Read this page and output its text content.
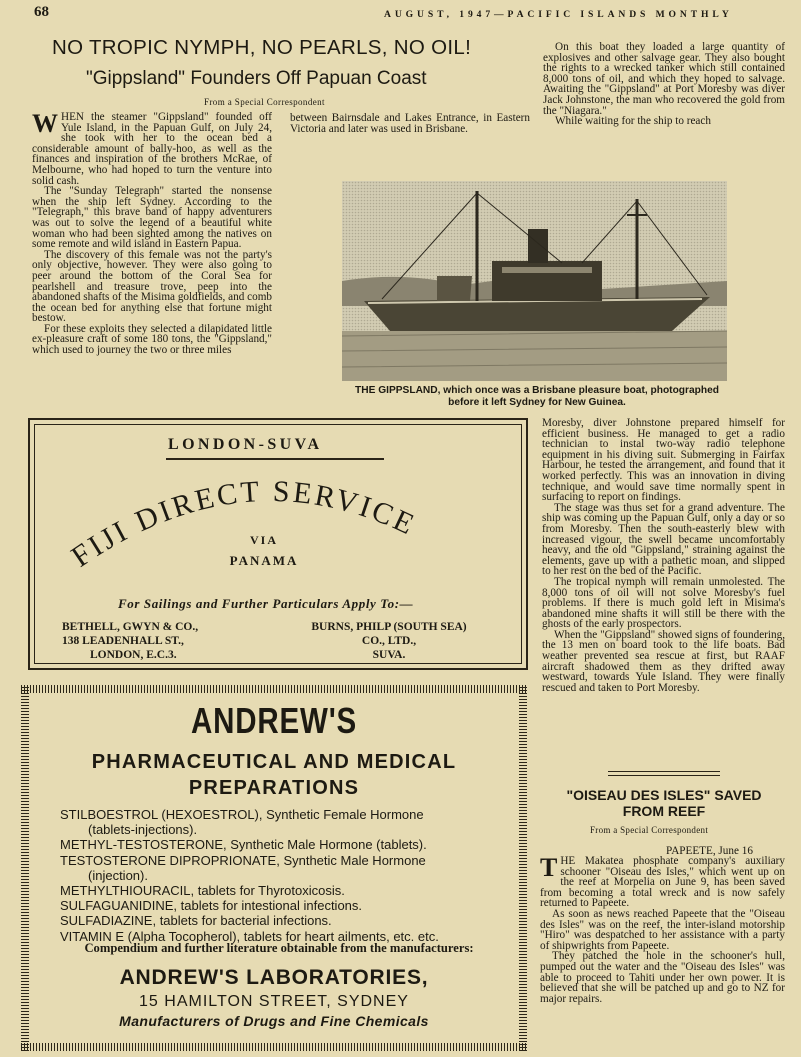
68	AUGUST, 1947—PACIFIC ISLANDS MONTHLY
NO TROPIC NYMPH, NO PEARLS, NO OIL!
"Gippsland" Founders Off Papuan Coast
From a Special Correspondent

WHEN the steamer "Gippsland" founded off Yule Island, in the Papuan Gulf, on July 24, she took with her to the ocean bed a considerable amount of bally-hoo, as well as the finances and inspiration of the brothers McRae, of Melbourne, who had hoped to turn the venture into solid cash.

The "Sunday Telegraph" started the nonsense when the ship left Sydney. According to the "Telegraph," this brave band of happy adventurers was out to solve the legend of a beautiful white woman who had been sighted among the natives on some remote and wild island in Eastern Papua.

The discovery of this female was not the party's only objective, however. They were also going to peer around the bottom of the Coral Sea for pearlshell and treasure trove, peep into the abandoned shafts of the Misima goldfields, and comb the ocean bed for anything else that fortune might bestow.

For these exploits they selected a dilapidated little ex-pleasure craft of some 180 tons, the "Gippsland," which used to journey the two or three miles

between Bairnsdale and Lakes Entrance, in Eastern Victoria and later was used in Brisbane.

On this boat they loaded a large quantity of explosives and other salvage gear. They also bought the rights to a wrecked tanker which still contained 8,000 tons of oil, and which they hoped to salvage. Awaiting the "Gippsland" at Port Moresby was diver Jack Johnstone, the man who recovered the gold from the "Niagara."

While waiting for the ship to reach

THE GIPPSLAND, which once was a Brisbane pleasure boat, photographed before it left Sydney for New Guinea.
LONDON-SUVA
FIJI DIRECT SERVICE
VIA
PANAMA
For Sailings and Further Particulars Apply To:—
BETHELL, GWYN & CO.,
138 LEADENHALL ST.,
LONDON, E.C.3.
BURNS, PHILP (SOUTH SEA)
CO., LTD.,
SUVA.
ANDREW'S
PHARMACEUTICAL AND MEDICAL
PREPARATIONS
STILBOESTROL (HEXOESTROL), Synthetic Female Hormone
(tablets-injections).
METHYL-TESTOSTERONE, Synthetic Male Hormone (tablets).
TESTOSTERONE DIPROPRIONATE, Synthetic Male Hormone
(injection).
METHYLTHIOURACIL, tablets for Thyrotoxicosis.
SULFAGUANIDINE, tablets for intestional infections.
SULFADIAZINE, tablets for bacterial infections.
VITAMIN E (Alpha Tocopherol), tablets for heart ailments, etc. etc.
Compendium and further literature obtainable from the manufacturers:
ANDREW'S LABORATORIES,
15 HAMILTON STREET, SYDNEY
Manufacturers of Drugs and Fine Chemicals

Moresby, diver Johnstone prepared himself for efficient business. He managed to get a radio technician to instal two-way radio telephone equipment in his diving suit. Submerging in Fairfax Harbour, he tested the arrangement, and found that it worked perfectly. This was an innovation in diving technique, and would save time normally spent in surfacing to report on findings.

The stage was thus set for a grand adventure. The ship was coming up the Papuan Gulf, only a day or so from Moresby. Then the south-easterly blew with increased vigour, the swell became uncomfortably heavy, and the old "Gippsland," straining against the elements, gave up with a pathetic moan, and slipped to her rest on the bed of the Pacific.

The tropical nymph will remain unmolested. The 8,000 tons of oil will not solve Moresby's fuel problems. If there is much gold left in Misima's abandoned mine shafts it will still be there with the ghosts of the early prospectors.

When the "Gippsland" showed signs of foundering, the 13 men on board took to the life boats. Bad weather prevented sea rescue at first, but RAAF aircraft shadowed them as they drifted away westward, towards Yule Island. They were finally rescued and taken to Port Moresby.

"OISEAU DES ISLES" SAVED FROM REEF
From a Special Correspondent
PAPEETE, June 16

THE Makatea phosphate company's auxiliary schooner "Oiseau des Isles," which went up on the reef at Morpelia on June 9, has been saved from becoming a total wreck and is now safely returned to Papeete.

As soon as news reached Papeete that the "Oiseau des Isles" was on the reef, the inter-island motorship "Hiro" was despatched to her assistance with a party of shipwrights from Papeete.

They patched the hole in the schooner's hull, pumped out the water and the "Oiseau des Isles" was able to proceed to Tahiti under her own power. It is believed that she will be patched up and go to NZ for major repairs.
